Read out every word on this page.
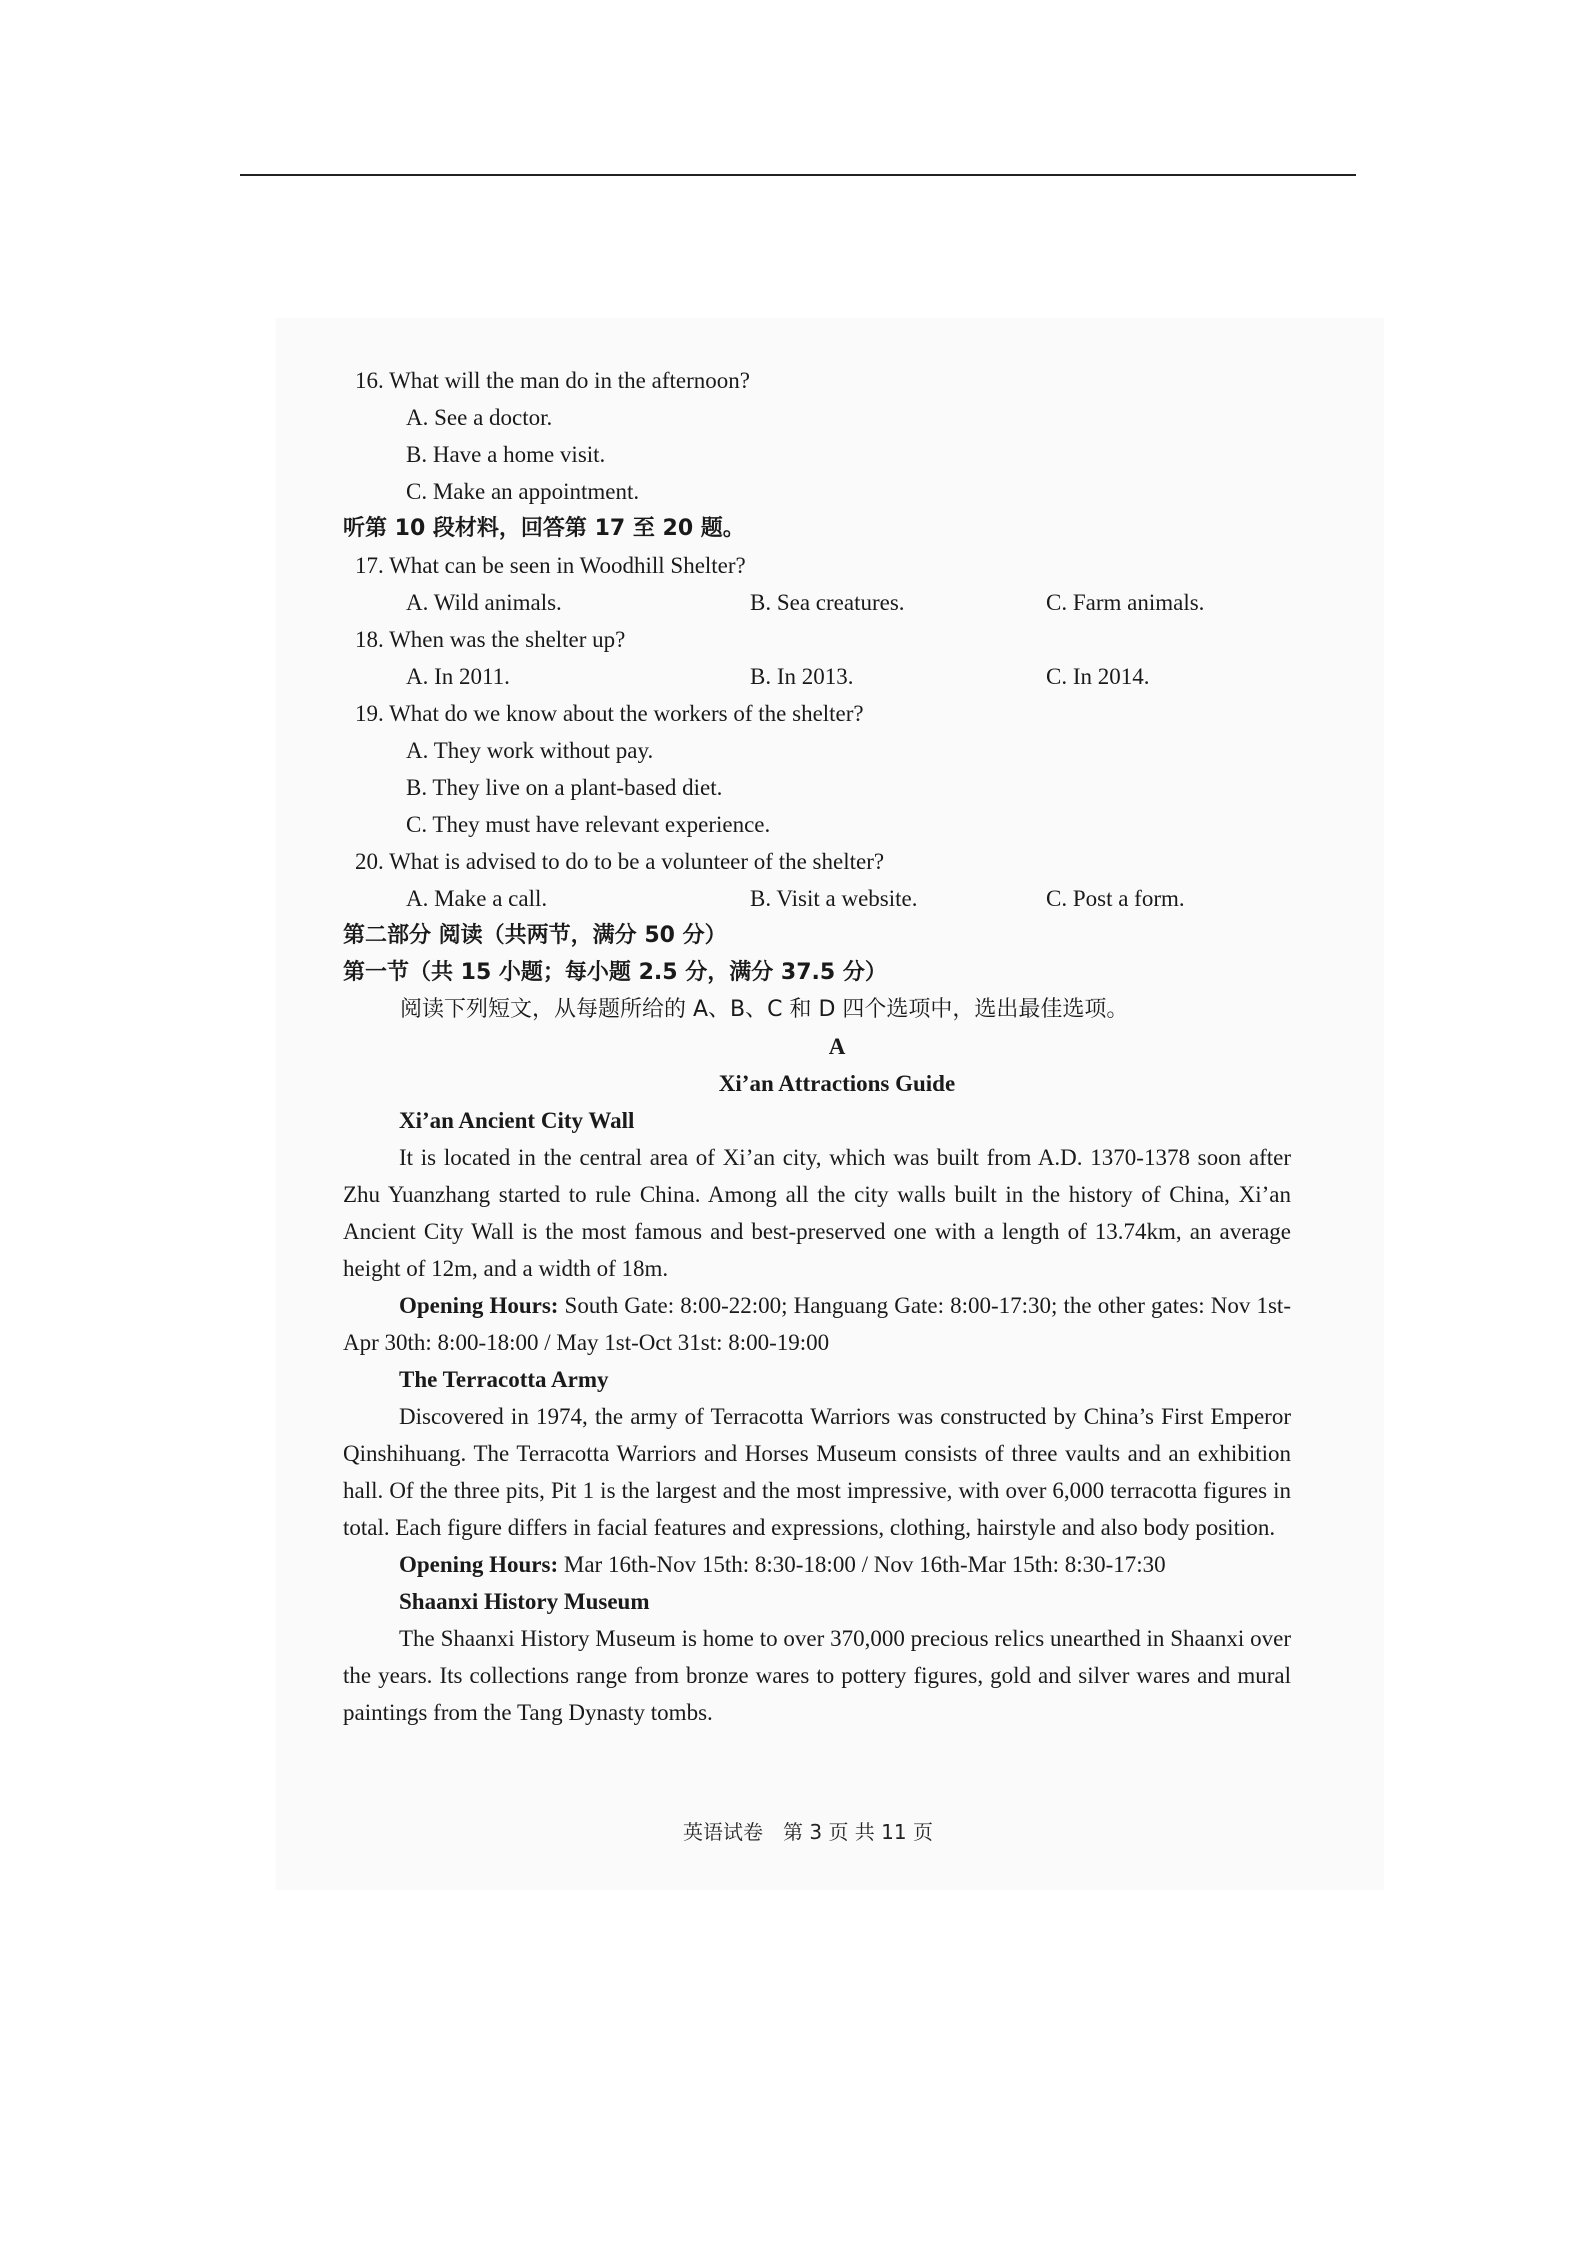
16. What will the man do in the afternoon?
A. See a doctor.
B. Have a home visit.
C. Make an appointment.
听第 10 段材料，回答第 17 至 20 题。
17. What can be seen in Woodhill Shelter?
A. Wild animals.	B. Sea creatures.	C. Farm animals.
18. When was the shelter up?
A. In 2011.	B. In 2013.	C. In 2014.
19. What do we know about the workers of the shelter?
A. They work without pay.
B. They live on a plant-based diet.
C. They must have relevant experience.
20. What is advised to do to be a volunteer of the shelter?
A. Make a call.	B. Visit a website.	C. Post a form.
第二部分 阅读（共两节，满分 50 分）
第一节（共 15 小题；每小题 2.5 分，满分 37.5 分）
阅读下列短文，从每题所给的 A、B、C 和 D 四个选项中，选出最佳选项。
A
Xi’an Attractions Guide
Xi’an Ancient City Wall
It is located in the central area of Xi’an city, which was built from A.D. 1370-1378 soon after Zhu Yuanzhang started to rule China. Among all the city walls built in the history of China, Xi’an Ancient City Wall is the most famous and best-preserved one with a length of 13.74km, an average height of 12m, and a width of 18m.
Opening Hours: South Gate: 8:00-22:00; Hanguang Gate: 8:00-17:30; the other gates: Nov 1st-Apr 30th: 8:00-18:00 / May 1st-Oct 31st: 8:00-19:00
The Terracotta Army
Discovered in 1974, the army of Terracotta Warriors was constructed by China’s First Emperor Qinshihuang. The Terracotta Warriors and Horses Museum consists of three vaults and an exhibition hall. Of the three pits, Pit 1 is the largest and the most impressive, with over 6,000 terracotta figures in total. Each figure differs in facial features and expressions, clothing, hairstyle and also body position.
Opening Hours: Mar 16th-Nov 15th: 8:30-18:00 / Nov 16th-Mar 15th: 8:30-17:30
Shaanxi History Museum
The Shaanxi History Museum is home to over 370,000 precious relics unearthed in Shaanxi over the years. Its collections range from bronze wares to pottery figures, gold and silver wares and mural paintings from the Tang Dynasty tombs.
英语试卷　第 3 页 共 11 页
